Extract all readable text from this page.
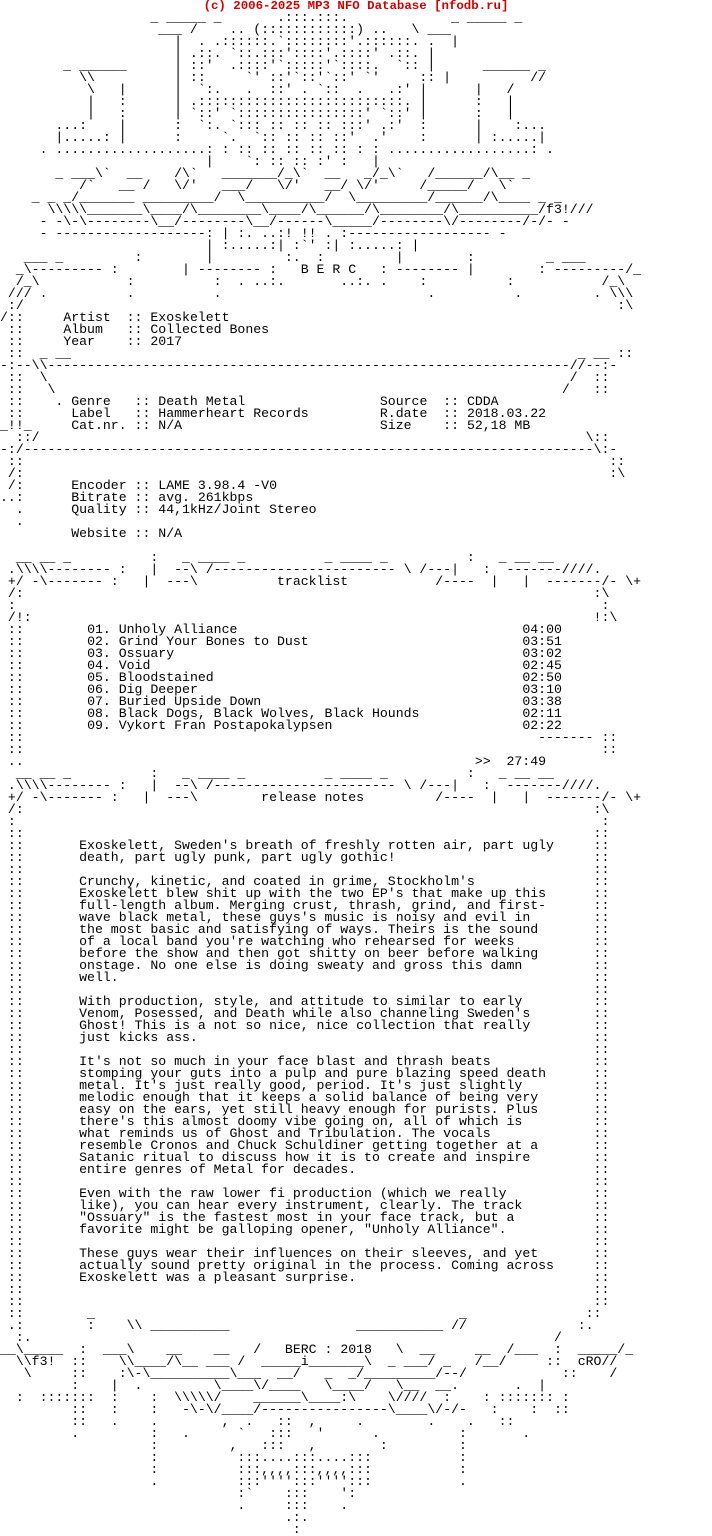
(c) 2006-2025 MP3 NFO Database [nfodb.ru]
_ _____ _       .:::.:::.             _ _____ _
___ /    .. (::::::::::::) ..   \ ___
|  . .::::::.`::::::::'.::::::. .  |
| .::. `::.:::'::::'.::::' .::. |
_ ______      | ::'  .::::'`:::::'`::::.  `:: |      ______ _
\\          | ::     `' ::'`::'`::' `'     :: |          //
\   |      |  `:.   .  ::' . `::  .   .:' |      |   /
|   :      | .::::::::::::::::::::::::::. |      :   |
|   :      | `::' `::::::::::::::::' `::' |      :   |
...:    |      :  `:. `::: :: :: :: :::' .:'  :      |    :...
|.....: |      :     `.  `:: :: :: ::'  .'    :      | :.....|
. ...................: : :: :: :: :: :: : : ..................: .
|    `: :: :: :' :   |
_ ___\`  __    /\`   _______/_\`  __   _/_\`   /______/\__ _
/`   __ /   \/'   ___/   \/'   __/ \/'     /_____/   \`
_ _ _/_______ _________/  \__________/  \_________/______/\____ _ _
\\\\\_______\____/\________\____/\______/\________/\__________/f3!///
- -\-\--------\__/--------\__/------\_____/--------\/--------/-/- -
- -------------------: | :. ..:! !! . :------------------ -
| :.....:| :`' :| :.....: |
___ _         :        |         :.  :         |        :         _ ___
_\--------- :        | -------- :   B E R C   : -------- |        : ---------/_
/_\           :          :  . ..:.       ..:. .    :          :           /_\
/// .          .          .                          .          .         . \\\
:/                                                                           :\
/::	Artist  :: Exoskelett
::	Album   :: Collected Bones
::	Year    :: 2017
::  _ __                                                                _ __ ::
-:--\\------------------------------------------------------------------//--:-
::  \                                                                  /  ::
::   \                                                                /   ::
::    . Genre   :: Death Metal                 Source  :: CDDA
::      Label   :: Hammerheart Records         R.date  :: 2018.03.22
_!!_     Cat.nr. :: N/A                         Size    :: 52,18 MB
::/                                                                     \::
-:/------------------------------------------------------------------------\:-
::                                                                          ::
/:                                                                          :\
/:      Encoder :: LAME 3.98.4 -V0
..:      Bitrate :: avg. 261kbps
.      Quality :: 44,1kHz/Joint Stereo
.
Website :: N/A

__ __ _          :   _ ____ _          _ ____ _          :   _ __ __
.\\\\-------- :   |  --\ /----------------------- \ /---|   :  -------////.
+/ -\------- :   |  ---\          tracklist           /----  |   |  -------/- \+
/:                                                                        :\
:                                                                          :
/!:                                                                       !:\
::	01. Unholy Alliance                                    04:00
::	02. Grind Your Bones to Dust                           03:51
::	03. Ossuary                                            03:02
::	04. Void                                               02:45
::	05. Bloodstained                                       02:50
::	06. Dig Deeper                                         03:10
::	07. Buried Upside Down                                 03:38
::	08. Black Dogs, Black Wolves, Black Hounds             02:11
::	09. Vykort Fran Postapokalypsen                        02:22
::                                                                 ------- ::
::                                                                         ::
..                                                         >>  27:49
__ __ _          :   _ ____ _          _ ____ _          :   _ __ __
.\\\\-------- :   |  --\ /----------------------- \ /---|   :  -------////.
+/ -\------- :   |  ---\        release notes         /----  |   |  -------/- \+
/:                                                                        :\
:                                                                          :
::                                                                        ::
::	Exoskelett, Sweden's breath of freshly rotten air, part ugly     ::
::	death, part ugly punk, part ugly gothic!                         ::
::                                                                        ::
::	Crunchy, kinetic, and coated in grime, Stockholm's               ::
::	Exoskelett blew shit up with the two EP's that make up this      ::
::	full-length album. Merging crust, thrash, grind, and first-      ::
::	wave black metal, these guys's music is noisy and evil in        ::
::	the most basic and satisfying of ways. Theirs is the sound       ::
::	of a local band you're watching who rehearsed for weeks          ::
::	before the show and then got shitty on beer before walking       ::
::	onstage. No one else is doing sweaty and gross this damn         ::
::	well.                                                            ::
::                                                                        ::
::	With production, style, and attitude to similar to early         ::
::	Venom, Posessed, and Death while also channeling Sweden's        ::
::	Ghost! This is a not so nice, nice collection that really        ::
::	just kicks ass.                                                  ::
::                                                                        ::
::	It's not so much in your face blast and thrash beats             ::
::	stomping your guts into a pulp and pure blazing speed death      ::
::	metal. It's just really good, period. It's just slightly         ::
::	melodic enough that it keeps a solid balance of being very       ::
::	easy on the ears, yet still heavy enough for purists. Plus       ::
::	there's this almost doomy vibe going on, all of which is         ::
::	what reminds us of Ghost and Tribulation. The vocals             ::
::	resemble Cronos and Chuck Schuldiner getting together at a       ::
::	Satanic ritual to discuss how it is to create and inspire        ::
::	entire genres of Metal for decades.                              ::
::                                                                        ::
::	Even with the raw lower fi production (which we really           ::
::	like), you can hear every instrument, clearly. The track         ::
::	"Ossuary" is the fastest most in your face track, but a          ::
::	favorite might be galloping opener, "Unholy Alliance".           ::
::                                                                        ::
::	These guys wear their influences on their sleeves, and yet       ::
::	actually sound pretty original in the process. Coming across     ::
::	Exoskelett was a pleasant surprise.                              ::
::                                                                        ::
::                                                                        ::
::        _                                              _               ::
.:        :    \\ __________                ___________ //              :.
:.                                                                  /
__\_____  :  ___\    __    __   /   BERC : 2018   \  __     __  /___  :  _____/_
\\f3!  ::    \\____/\__ ___ /  _____i_______\  _ ___/ _   /__/     ::  cRO//
\     ::    :\-\__________\___  __/   _  _/_________/--/            ::    /
:    |  .         \____\/____   \____/   \__  __.       .  |
:  :::::::  :    :  \\\\\/    ______\____:\    \////  :    : ::::::: :
::   :    :   -\-\/____/----------------\____\/-/-   :    :  ::
::   .    .        ,  .   ::  ,     .        .    .   ::
.         :   .      `   :::   '      .          :       .
:         ,   :::   ,        :         :
:          :::....:::....:::           :
:          :::,,,,:::,,,,:::           :
.          :::'''':::'''':::           .
:`    :::    ':
.     :::    .
.:.
:
